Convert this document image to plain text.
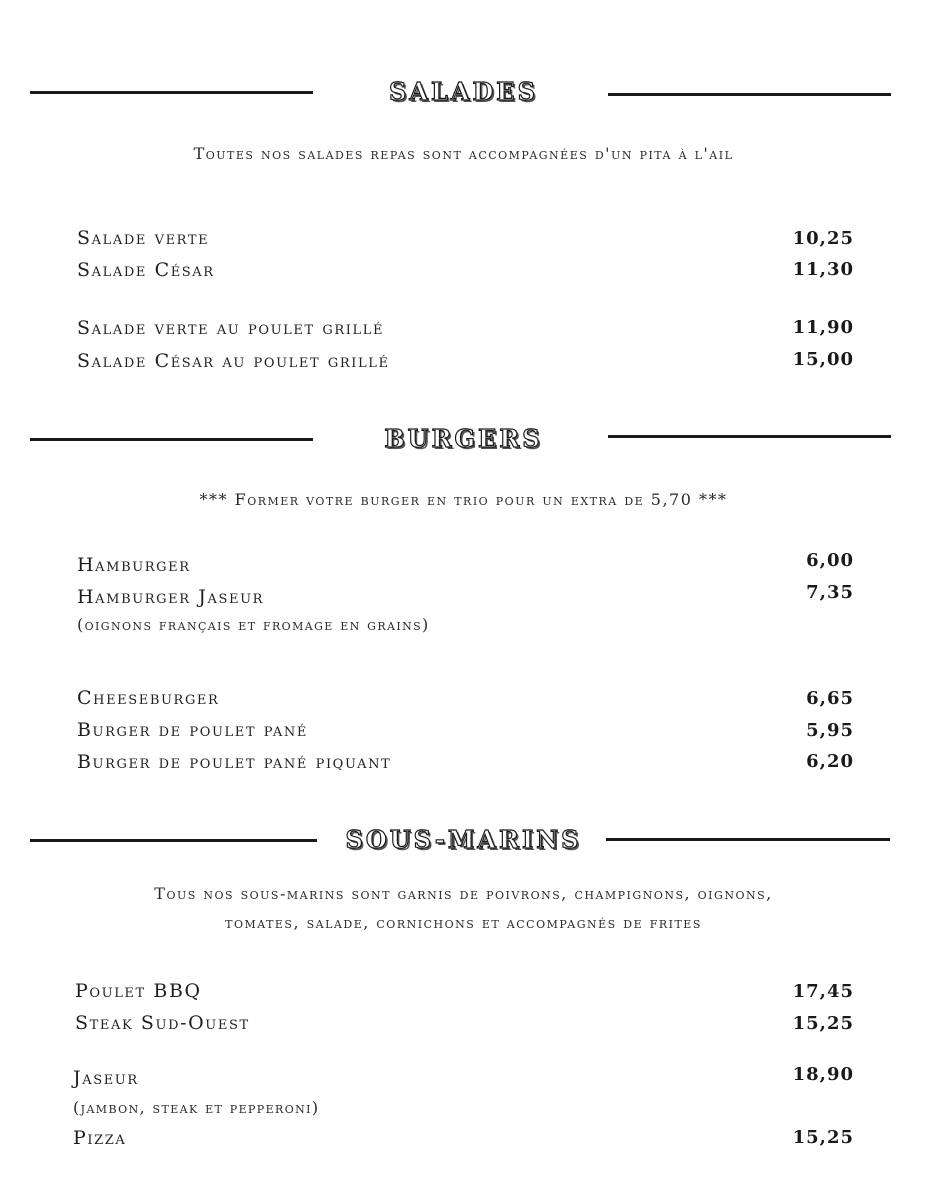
SALADES
Toutes nos salades repas sont accompagnées d'un pita à l'ail
Salade verte	10,25
Salade César	11,30
Salade verte au poulet grillé	11,90
Salade César au poulet grillé	15,00
BURGERS
*** Former votre burger en trio pour un extra de 5,70 ***
Hamburger	6,00
Hamburger Jaseur	7,35
(oignons français et fromage en grains)
Cheeseburger	6,65
Burger de poulet pané	5,95
Burger de poulet pané piquant	6,20
SOUS-MARINS
Tous nos sous-marins sont garnis de poivrons, champignons, oignons,
tomates, salade, cornichons et accompagnés de frites
Poulet BBQ	17,45
Steak Sud-Ouest	15,25
Jaseur	18,90
(jambon, steak et pepperoni)
Pizza	15,25
